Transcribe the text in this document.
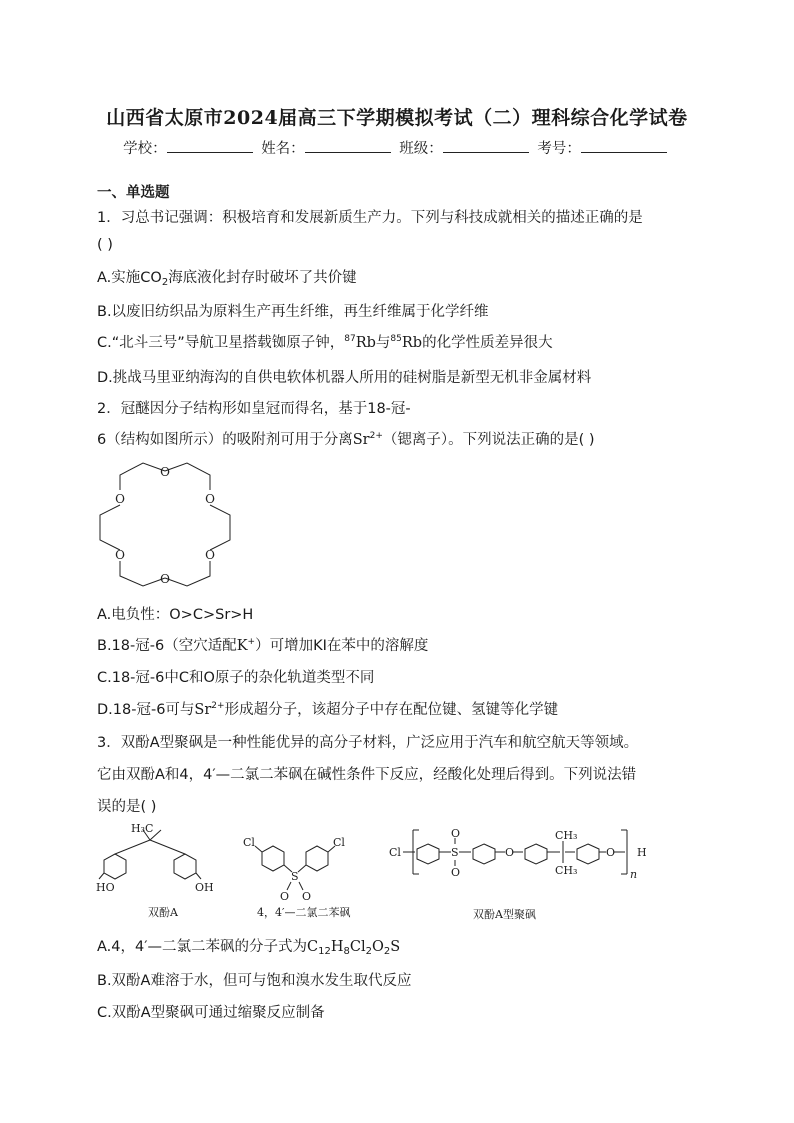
山西省太原市2024届高三下学期模拟考试（二）理科综合化学试卷
学校：	姓名：	班级：	考号：
一、单选题
1．习总书记强调：积极培育和发展新质生产力。下列与科技成就相关的描述正确的是
( )
A.实施$CO_2$海底液化封存时破坏了共价键
B.以废旧纺织品为原料生产再生纤维，再生纤维属于化学纤维
C.“北斗三号”导航卫星搭载铷原子钟，$^{87}$Rb与$^{85}$Rb的化学性质差异很大
D.挑战马里亚纳海沟的自供电软体机器人所用的硅树脂是新型无机非金属材料
2．冠醚因分子结构形如皇冠而得名，基于18-冠-
6（结构如图所示）的吸附剂可用于分离$Sr^{2+}$（锶离子）。下列说法正确的是( )
O
O	O
O	O
O
A.电负性：O>C>Sr>H
B.18-冠-6（空穴适配K+）可增加KI在苯中的溶解度
C.18-冠-6中C和O原子的杂化轨道类型不同
D.18-冠-6可与$Sr^{2+}$形成超分子，该超分子中存在配位键、氢键等化学键
3．双酚A型聚砜是一种性能优异的高分子材料，广泛应用于汽车和航空航天等领域。
它由双酚A和4，4′—二氯二苯砜在碱性条件下反应，经酸化处理后得到。下列说法错
误的是( )
H₃C
HO	OH
Cl	Cl
S
O O
Cl	S
O
O
O
CH₃
CH₃
O H
n
双酚A	4，4′—二氯二苯砜	双酚A型聚砜
A.4，4′—二氯二苯砜的分子式为$C_{12}H_8Cl_2O_2S$
B.双酚A难溶于水，但可与饱和溴水发生取代反应
C.双酚A型聚砜可通过缩聚反应制备
